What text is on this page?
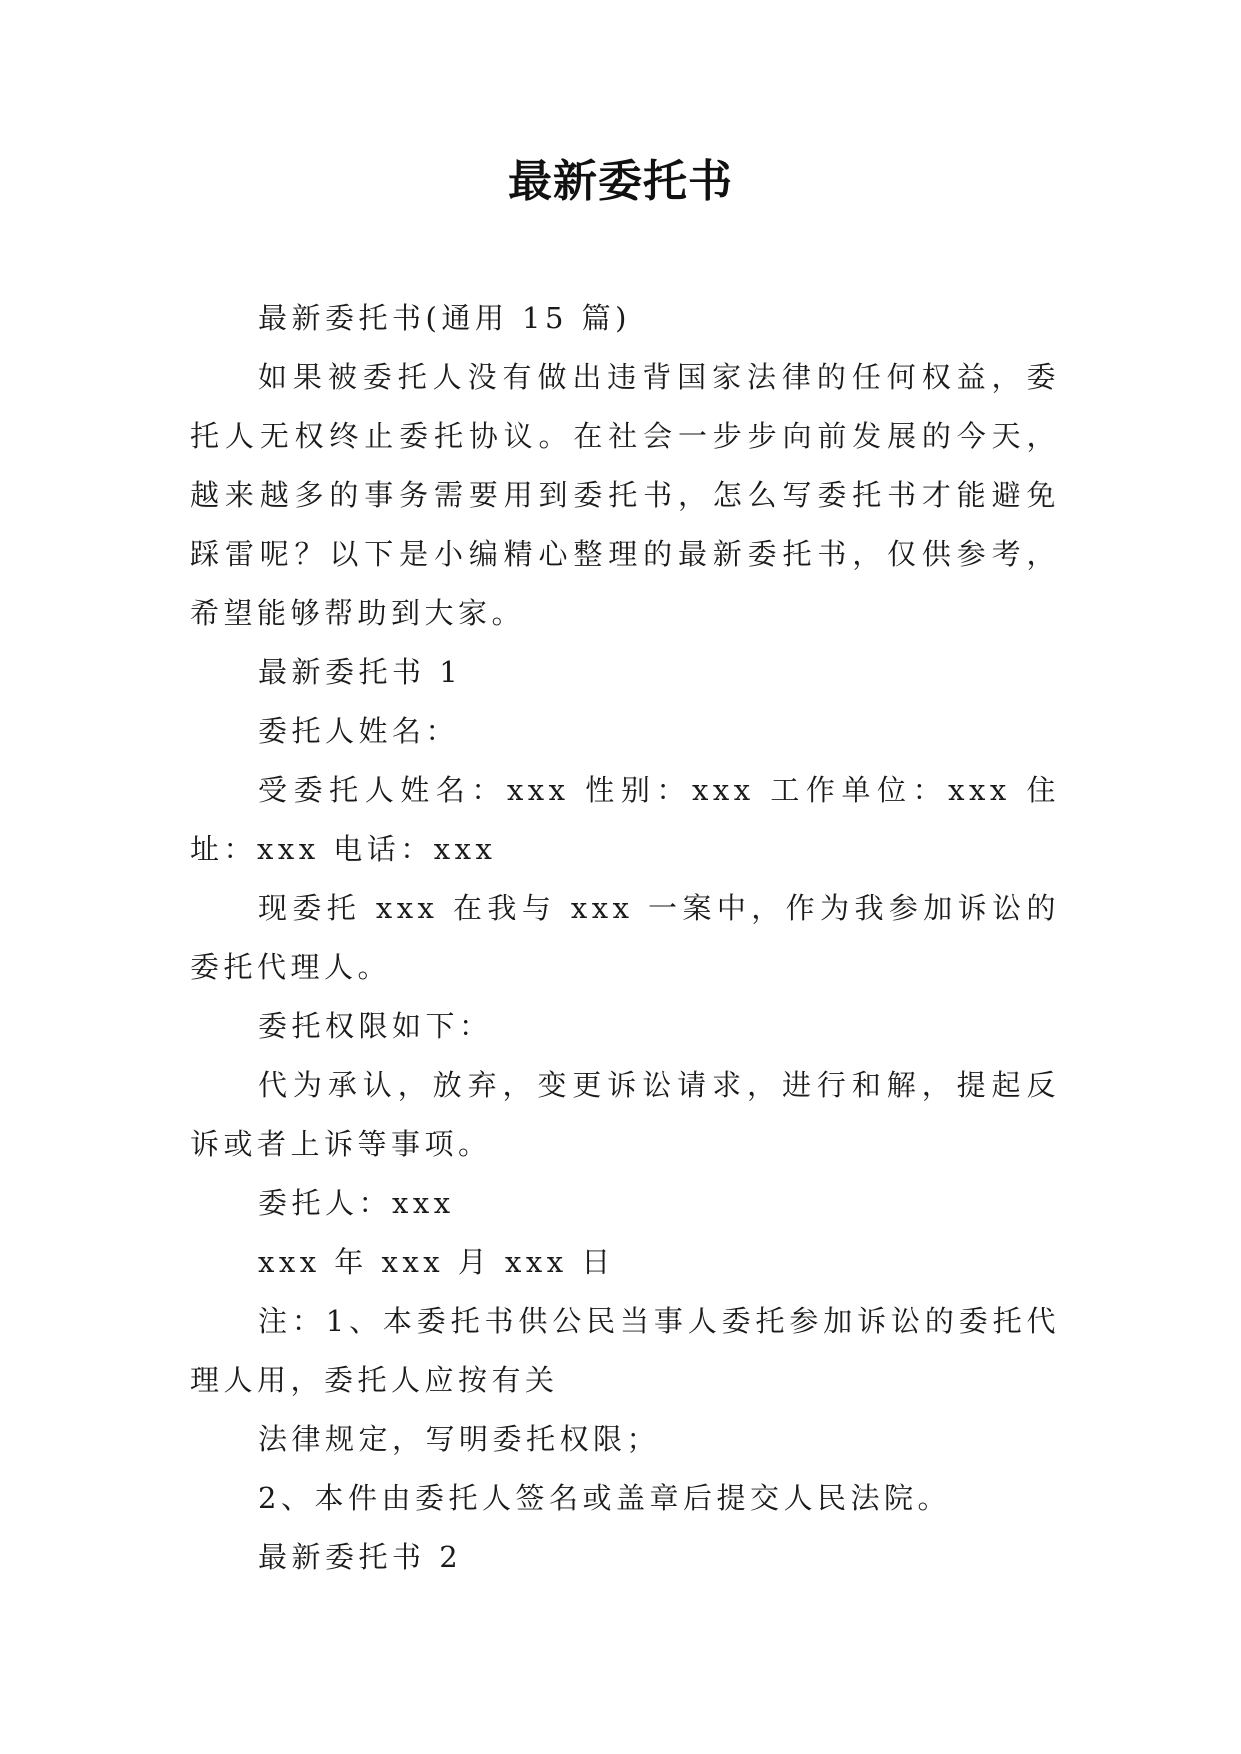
最新委托书

最新委托书(通用 15 篇)

如果被委托人没有做出违背国家法律的任何权益，委托人无权终止委托协议。在社会一步步向前发展的今天，越来越多的事务需要用到委托书，怎么写委托书才能避免踩雷呢？以下是小编精心整理的最新委托书，仅供参考，希望能够帮助到大家。

最新委托书 1

委托人姓名：

受委托人姓名：xxx 性别：xxx 工作单位：xxx 住址：xxx 电话：xxx

现委托 xxx 在我与 xxx 一案中，作为我参加诉讼的委托代理人。

委托权限如下：

代为承认，放弃，变更诉讼请求，进行和解，提起反诉或者上诉等事项。

委托人：xxx

xxx 年 xxx 月 xxx 日

注：1、本委托书供公民当事人委托参加诉讼的委托代理人用，委托人应按有关

法律规定，写明委托权限；

2、本件由委托人签名或盖章后提交人民法院。

最新委托书 2
